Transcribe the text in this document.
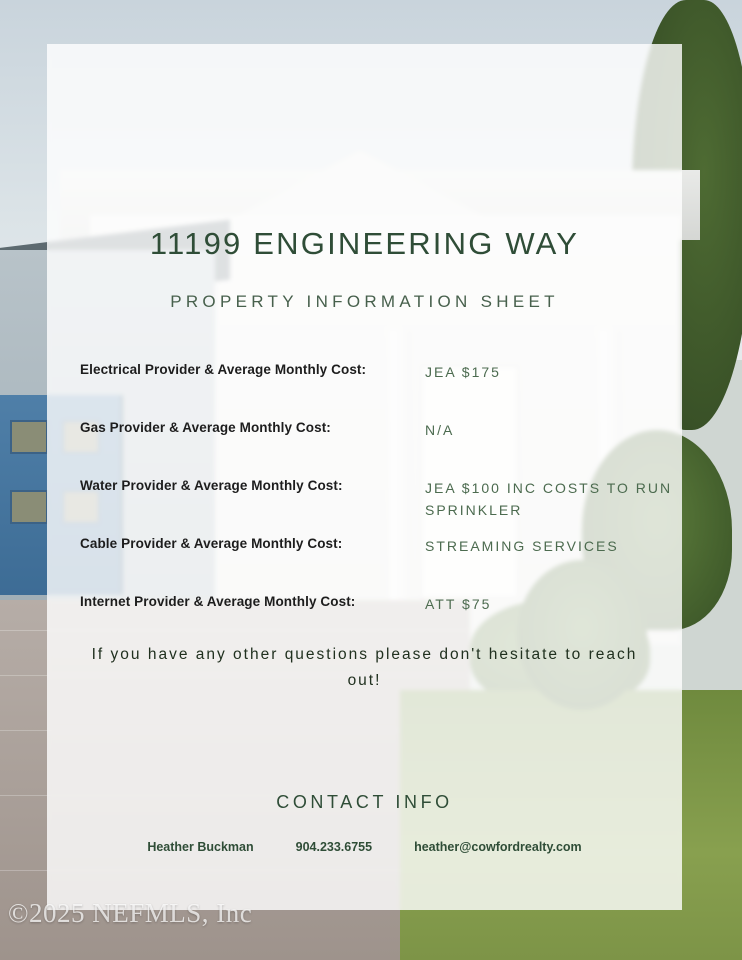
11199 ENGINEERING WAY
PROPERTY INFORMATION SHEET
Electrical Provider & Average Monthly Cost:	JEA $175
Gas Provider & Average Monthly Cost:	N/A
Water Provider & Average Monthly Cost:	JEA $100 INC COSTS TO RUN SPRINKLER
Cable Provider & Average Monthly Cost:	STREAMING SERVICES
Internet Provider & Average Monthly Cost:	ATT $75
If you have any other questions please don't hesitate to reach out!
CONTACT INFO
Heather Buckman	904.233.6755	heather@cowfordrealty.com
©2025 NEFMLS, Inc
